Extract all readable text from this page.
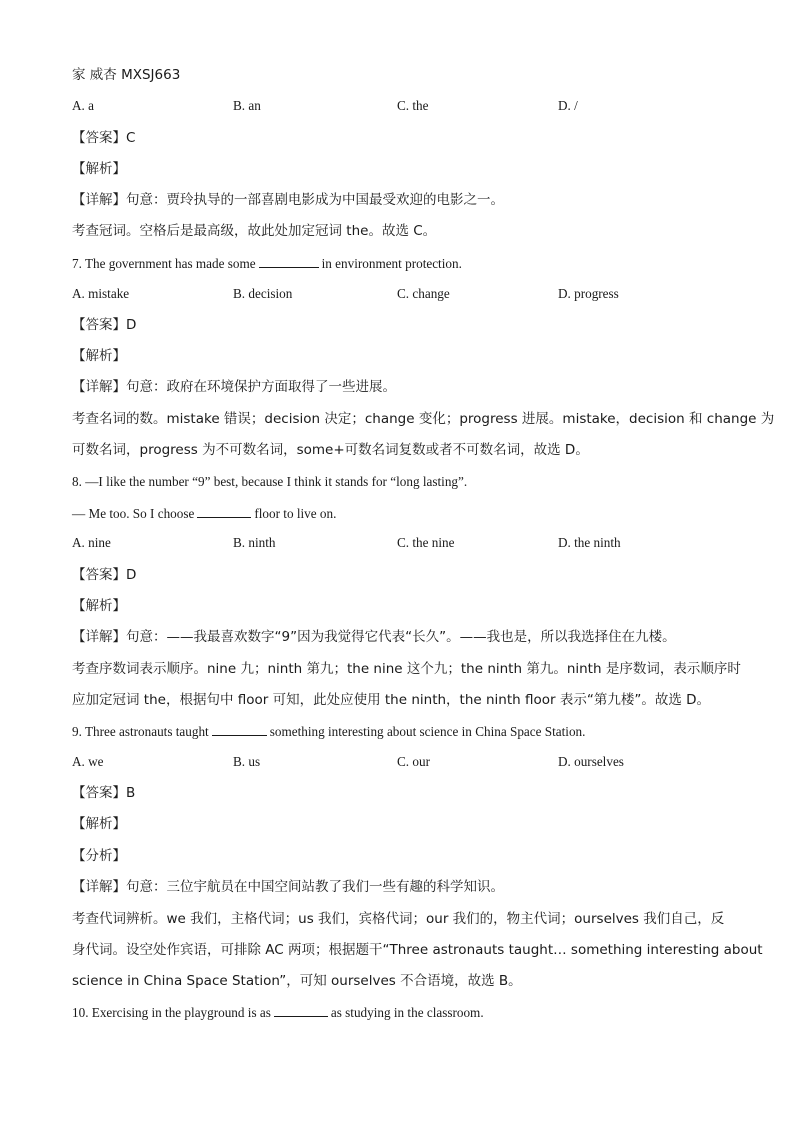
家 威杏 MXSJ663
A. a	B. an	C. the	D. /
【答案】C
【解析】
【详解】句意：贾玲执导的一部喜剧电影成为中国最受欢迎的电影之一。
考查冠词。空格后是最高级，故此处加定冠词 the。故选 C。
7. The government has made some	in environment protection.
A. mistake	B. decision	C. change	D. progress
【答案】D
【解析】
【详解】句意：政府在环境保护方面取得了一些进展。
考查名词的数。mistake 错误；decision 决定；change 变化；progress 进展。mistake，decision 和 change 为
可数名词，progress 为不可数名词，some+可数名词复数或者不可数名词，故选 D。
8. —I like the number “9” best, because I think it stands for “long lasting”.
— Me too. So I choose	floor to live on.
A. nine	B. ninth	C. the nine	D. the ninth
【答案】D
【解析】
【详解】句意：——我最喜欢数字“9”因为我觉得它代表“长久”。——我也是，所以我选择住在九楼。
考查序数词表示顺序。nine 九；ninth 第九；the nine 这个九；the ninth 第九。ninth 是序数词，表示顺序时
应加定冠词 the，根据句中 floor 可知，此处应使用 the ninth，the ninth floor 表示“第九楼”。故选 D。
9. Three astronauts taught	something interesting about science in China Space Station.
A. we	B. us	C. our	D. ourselves
【答案】B
【解析】
【分析】
【详解】句意：三位宇航员在中国空间站教了我们一些有趣的科学知识。
考查代词辨析。we 我们，主格代词；us 我们，宾格代词；our 我们的，物主代词；ourselves 我们自己，反
身代词。设空处作宾语，可排除 AC 两项；根据题干“Three astronauts taught… something interesting about
science in China Space Station”，可知 ourselves 不合语境，故选 B。
10. Exercising in the playground is as	as studying in the classroom.
